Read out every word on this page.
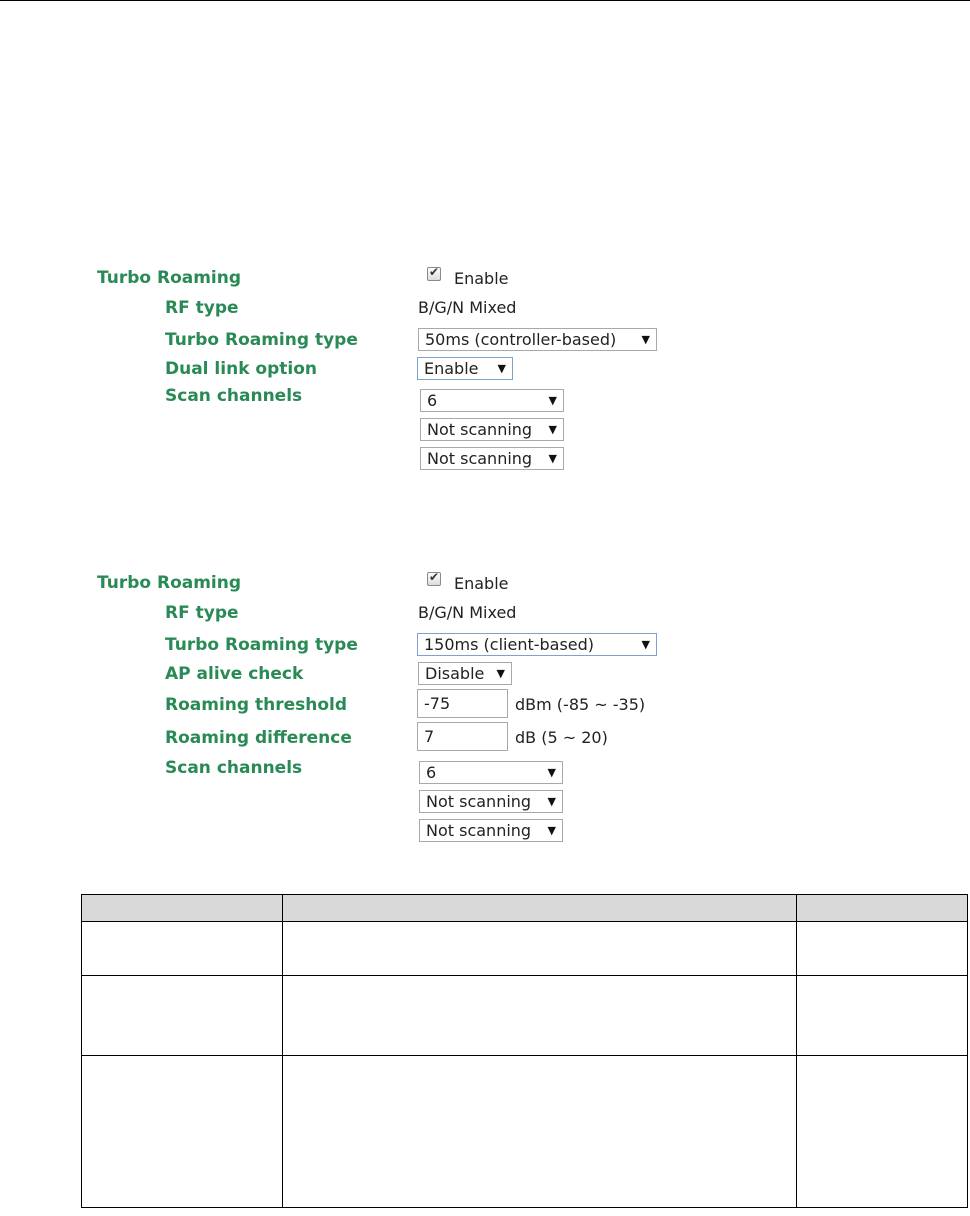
Turbo Roaming	✔ Enable
RF type	B/G/N Mixed
Turbo Roaming type	50ms (controller-based) ▼
Dual link option	Enable ▼
Scan channels	6	▼
Not scanning ▼
Not scanning ▼
Turbo Roaming	✔ Enable
RF type	B/G/N Mixed
Turbo Roaming type	150ms (client-based)	▼
AP alive check	Disable ▼
Roaming threshold	-75	dBm (-85 ~ -35)
Roaming difference	7	dB (5 ~ 20)
Scan channels	6	▼
Not scanning ▼
Not scanning ▼
